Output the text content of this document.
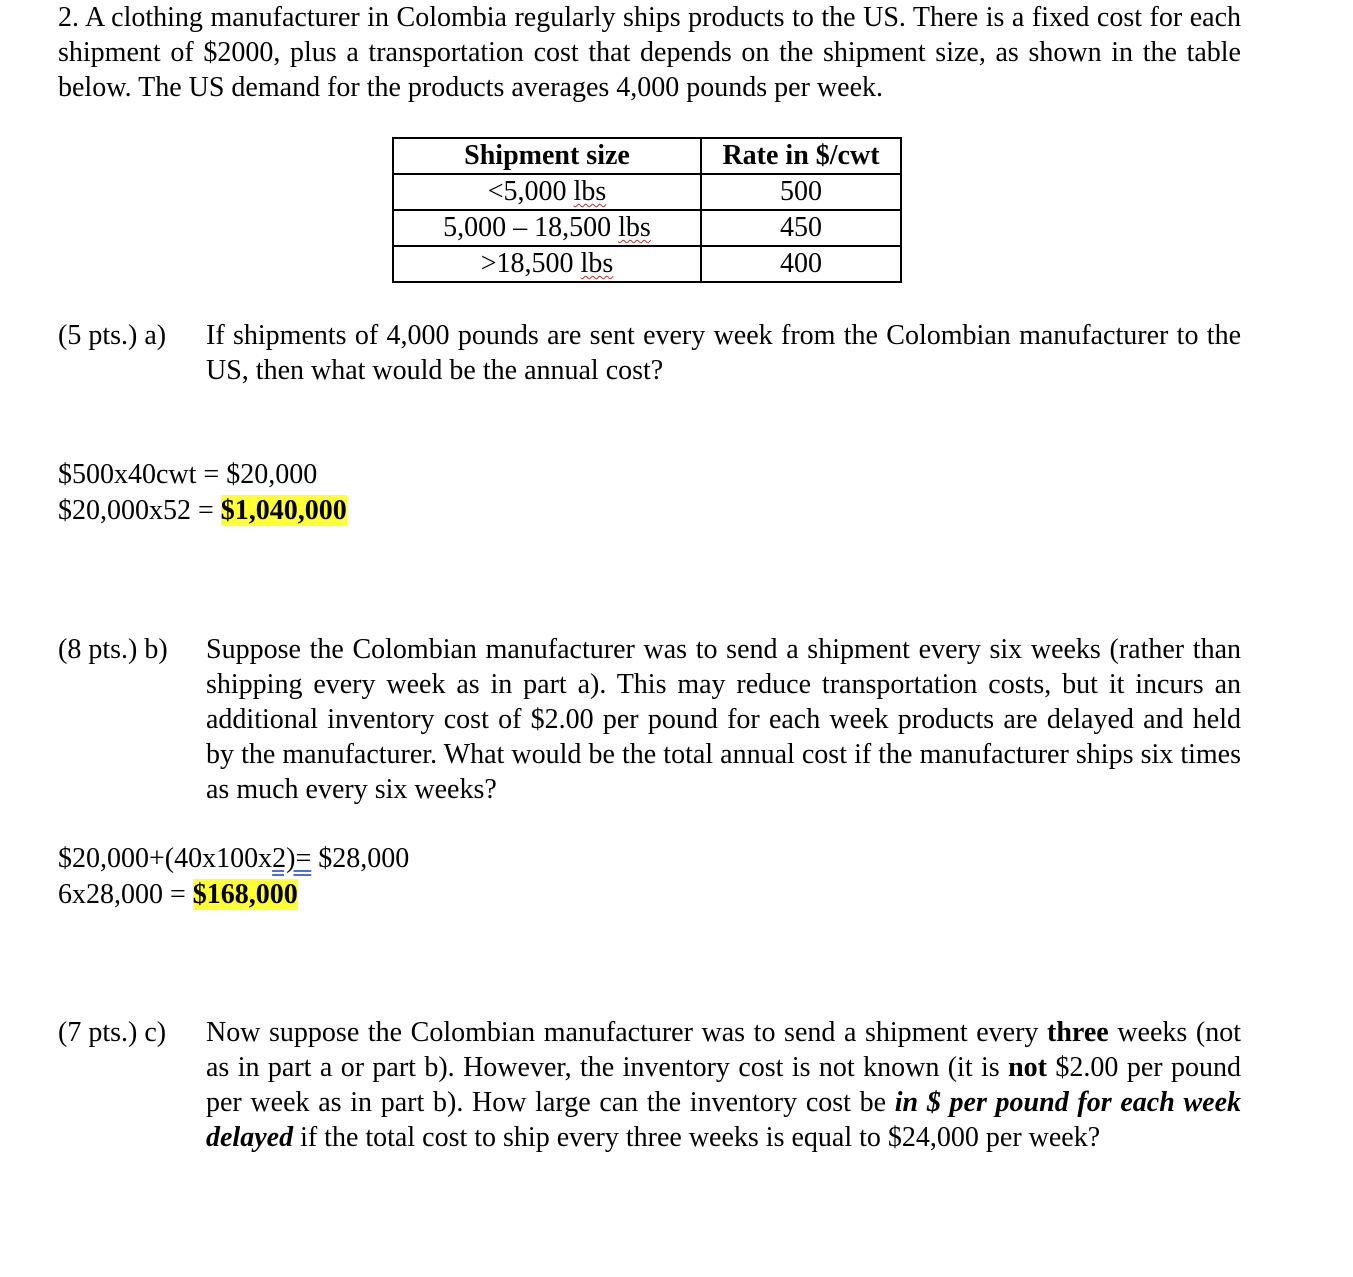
2. A clothing manufacturer in Colombia regularly ships products to the US. There is a fixed cost for each shipment of $2000, plus a transportation cost that depends on the shipment size, as shown in the table below. The US demand for the products averages 4,000 pounds per week.
Shipment size	Rate in $/cwt
<5,000 lbs	500
5,000 – 18,500 lbs	450
>18,500 lbs	400
(5 pts.) a) If shipments of 4,000 pounds are sent every week from the Colombian manufacturer to the US, then what would be the annual cost?
$500x40cwt = $20,000
$20,000x52 = $1,040,000
(8 pts.) b) Suppose the Colombian manufacturer was to send a shipment every six weeks (rather than shipping every week as in part a). This may reduce transportation costs, but it incurs an additional inventory cost of $2.00 per pound for each week products are delayed and held by the manufacturer. What would be the total annual cost if the manufacturer ships six times as much every six weeks?
$20,000+(40x100x2)= $28,000
6x28,000 = $168,000
(7 pts.) c) Now suppose the Colombian manufacturer was to send a shipment every three weeks (not as in part a or part b). However, the inventory cost is not known (it is not $2.00 per pound per week as in part b). How large can the inventory cost be in $ per pound for each week delayed if the total cost to ship every three weeks is equal to $24,000 per week?
